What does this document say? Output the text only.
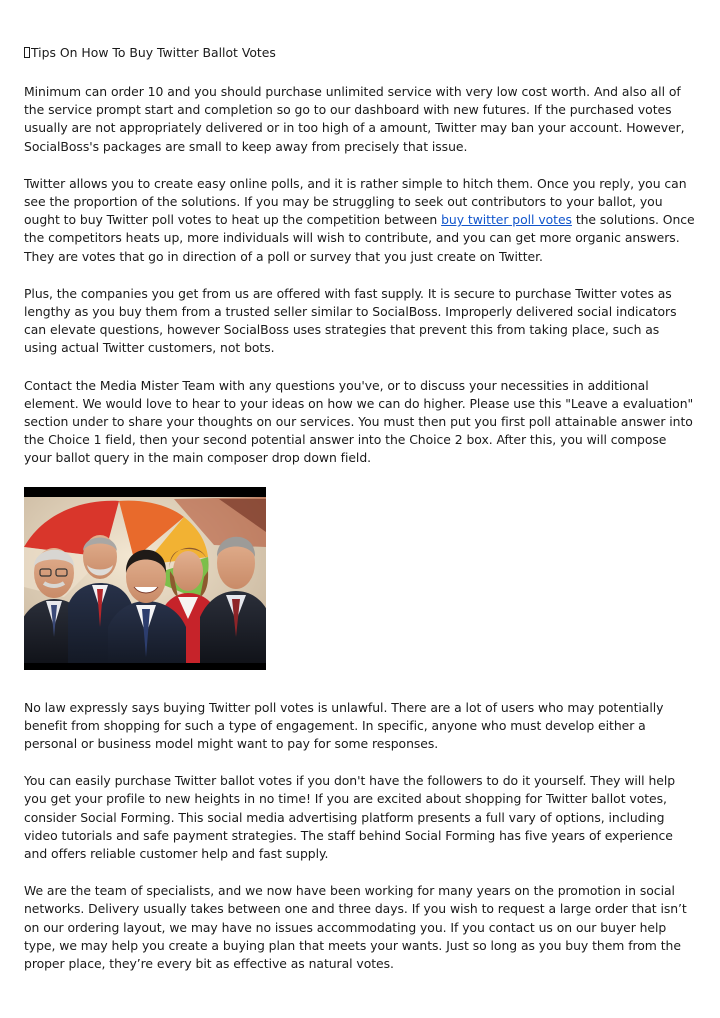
Tips On How To Buy Twitter Ballot Votes

Minimum can order 10 and you should purchase unlimited service with very low cost worth. And also all of the service prompt start and completion so go to our dashboard with new futures. If the purchased votes usually are not appropriately delivered or in too high of a amount, Twitter may ban your account. However, SocialBoss's packages are small to keep away from precisely that issue.

Twitter allows you to create easy online polls, and it is rather simple to hitch them. Once you reply, you can see the proportion of the solutions. If you may be struggling to seek out contributors to your ballot, you ought to buy Twitter poll votes to heat up the competition between buy twitter poll votes the solutions. Once the competitors heats up, more individuals will wish to contribute, and you can get more organic answers. They are votes that go in direction of a poll or survey that you just create on Twitter.

Plus, the companies you get from us are offered with fast supply. It is secure to purchase Twitter votes as lengthy as you buy them from a trusted seller similar to SocialBoss. Improperly delivered social indicators can elevate questions, however SocialBoss uses strategies that prevent this from taking place, such as using actual Twitter customers, not bots.

Contact the Media Mister Team with any questions you've, or to discuss your necessities in additional element. We would love to hear to your ideas on how we can do higher. Please use this "Leave a evaluation" section under to share your thoughts on our services. You must then put you first poll attainable answer into the Choice 1 field, then your second potential answer into the Choice 2 box. After this, you will compose your ballot query in the main composer drop down field.

No law expressly says buying Twitter poll votes is unlawful. There are a lot of users who may potentially benefit from shopping for such a type of engagement. In specific, anyone who must develop either a personal or business model might want to pay for some responses.

You can easily purchase Twitter ballot votes if you don't have the followers to do it yourself. They will help you get your profile to new heights in no time! If you are excited about shopping for Twitter ballot votes, consider Social Forming. This social media advertising platform presents a full vary of options, including video tutorials and safe payment strategies. The staff behind Social Forming has five years of experience and offers reliable customer help and fast supply.

We are the team of specialists, and we now have been working for many years on the promotion in social networks. Delivery usually takes between one and three days. If you wish to request a large order that isn’t on our ordering layout, we may have no issues accommodating you. If you contact us on our buyer help type, we may help you create a buying plan that meets your wants. Just so long as you buy them from the proper place, they’re every bit as effective as natural votes.
